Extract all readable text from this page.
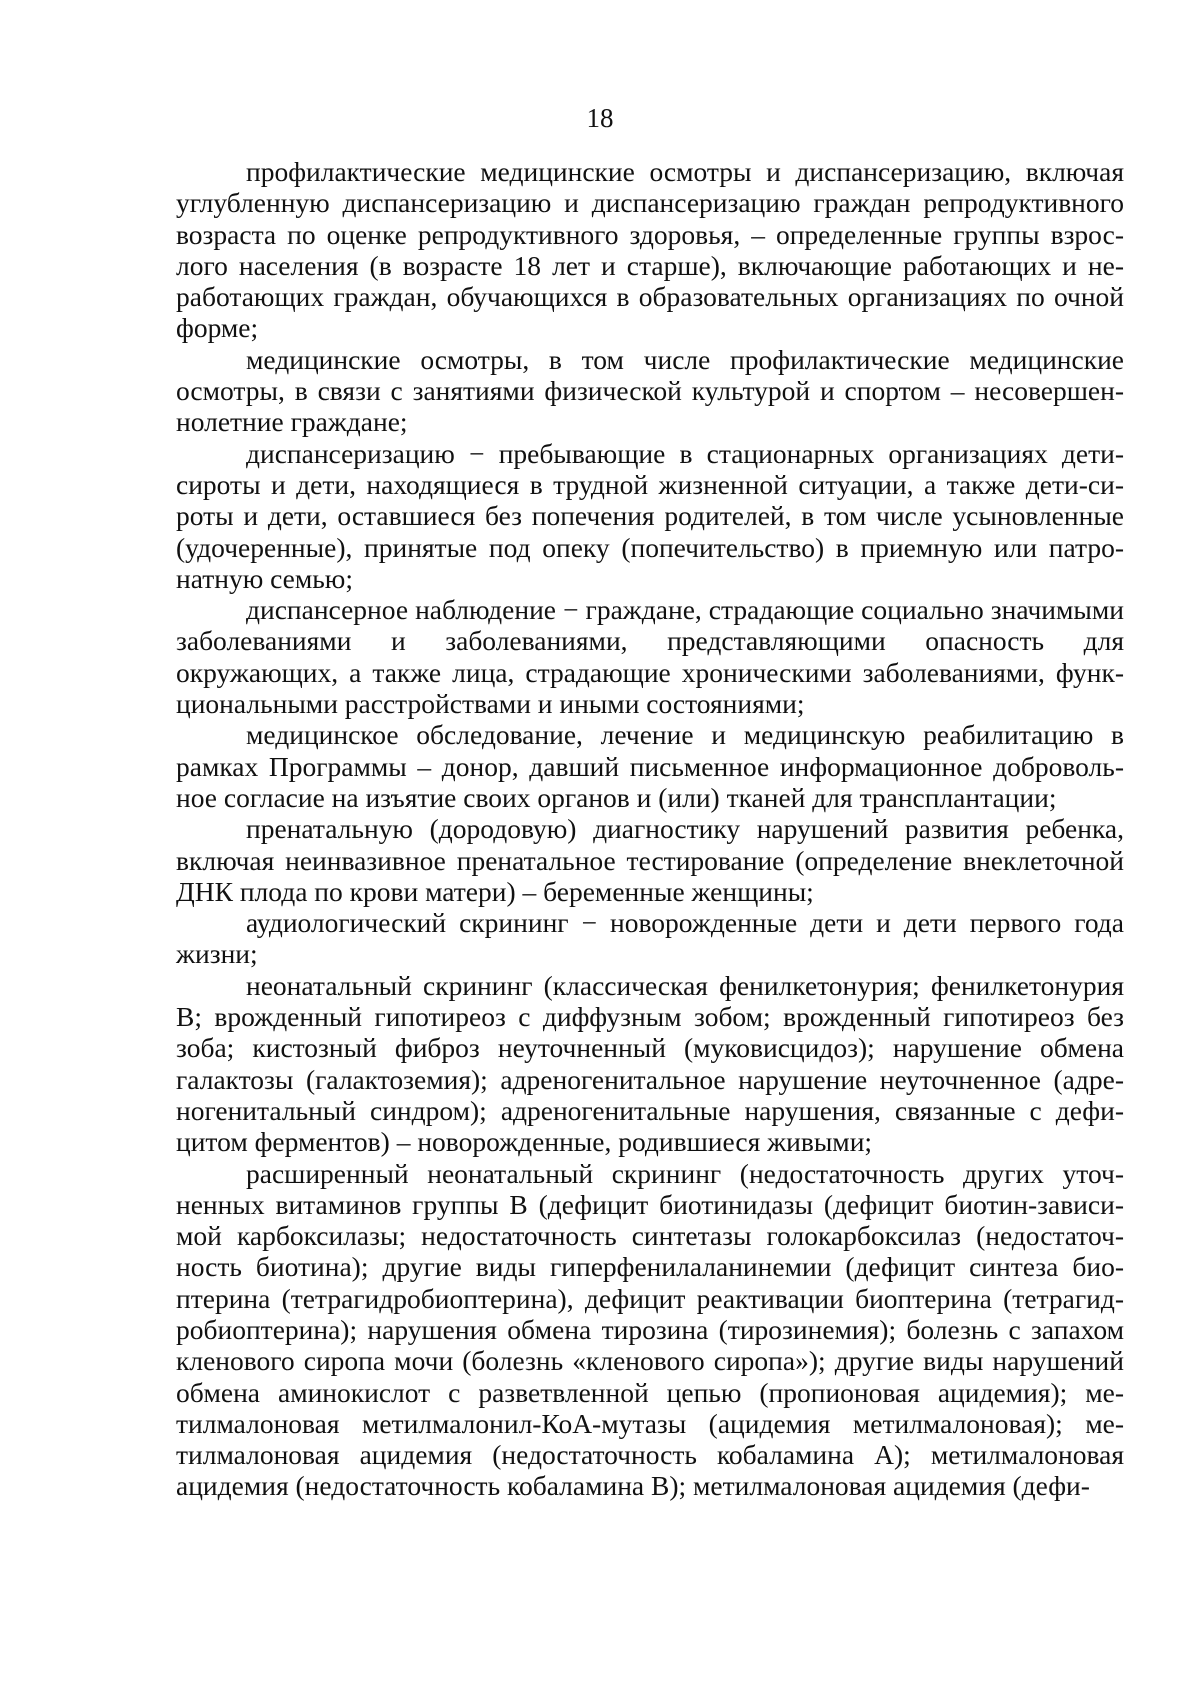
18

профилактические медицинские осмотры и диспансеризацию, включая углубленную диспансеризацию и диспансеризацию граждан репродуктивного возраста по оценке репродуктивного здоровья, – определенные группы взрослого населения (в возрасте 18 лет и старше), включающие работающих и неработающих граждан, обучающихся в образовательных организациях по очной форме;

медицинские осмотры, в том числе профилактические медицинские осмотры, в связи с занятиями физической культурой и спортом – несовершеннолетние граждане;

диспансеризацию − пребывающие в стационарных организациях дети-сироты и дети, находящиеся в трудной жизненной ситуации, а также дети-сироты и дети, оставшиеся без попечения родителей, в том числе усыновленные (удочеренные), принятые под опеку (попечительство) в приемную или патронатную семью;

диспансерное наблюдение − граждане, страдающие социально значимыми заболеваниями и заболеваниями, представляющими опасность для окружающих, а также лица, страдающие хроническими заболеваниями, функциональными расстройствами и иными состояниями;

медицинское обследование, лечение и медицинскую реабилитацию в рамках Программы – донор, давший письменное информационное добровольное согласие на изъятие своих органов и (или) тканей для трансплантации;

пренатальную (дородовую) диагностику нарушений развития ребенка, включая неинвазивное пренатальное тестирование (определение внеклеточной ДНК плода по крови матери) – беременные женщины;

аудиологический скрининг − новорожденные дети и дети первого года жизни;

неонатальный скрининг (классическая фенилкетонурия; фенилкетонурия B; врожденный гипотиреоз с диффузным зобом; врожденный гипотиреоз без зоба; кистозный фиброз неуточненный (муковисцидоз); нарушение обмена галактозы (галактоземия); адреногенитальное нарушение неуточненное (адреногенитальный синдром); адреногенитальные нарушения, связанные с дефицитом ферментов) – новорожденные, родившиеся живыми;

расширенный неонатальный скрининг (недостаточность других уточненных витаминов группы B (дефицит биотинидазы (дефицит биотин-зависимой карбоксилазы; недостаточность синтетазы голокарбоксилаз (недостаточность биотина); другие виды гиперфенилаланинемии (дефицит синтеза биоптерина (тетрагидробиоптерина), дефицит реактивации биоптерина (тетрагидробиоптерина); нарушения обмена тирозина (тирозинемия); болезнь с запахом кленового сиропа мочи (болезнь «кленового сиропа»); другие виды нарушений обмена аминокислот с разветвленной цепью (пропионовая ацидемия); метилмалоновая метилмалонил-КоА-мутазы (ацидемия метилмалоновая); метилмалоновая ацидемия (недостаточность кобаламина А); метилмалоновая ацидемия (недостаточность кобаламина B); метилмалоновая ацидемия (дефи-
